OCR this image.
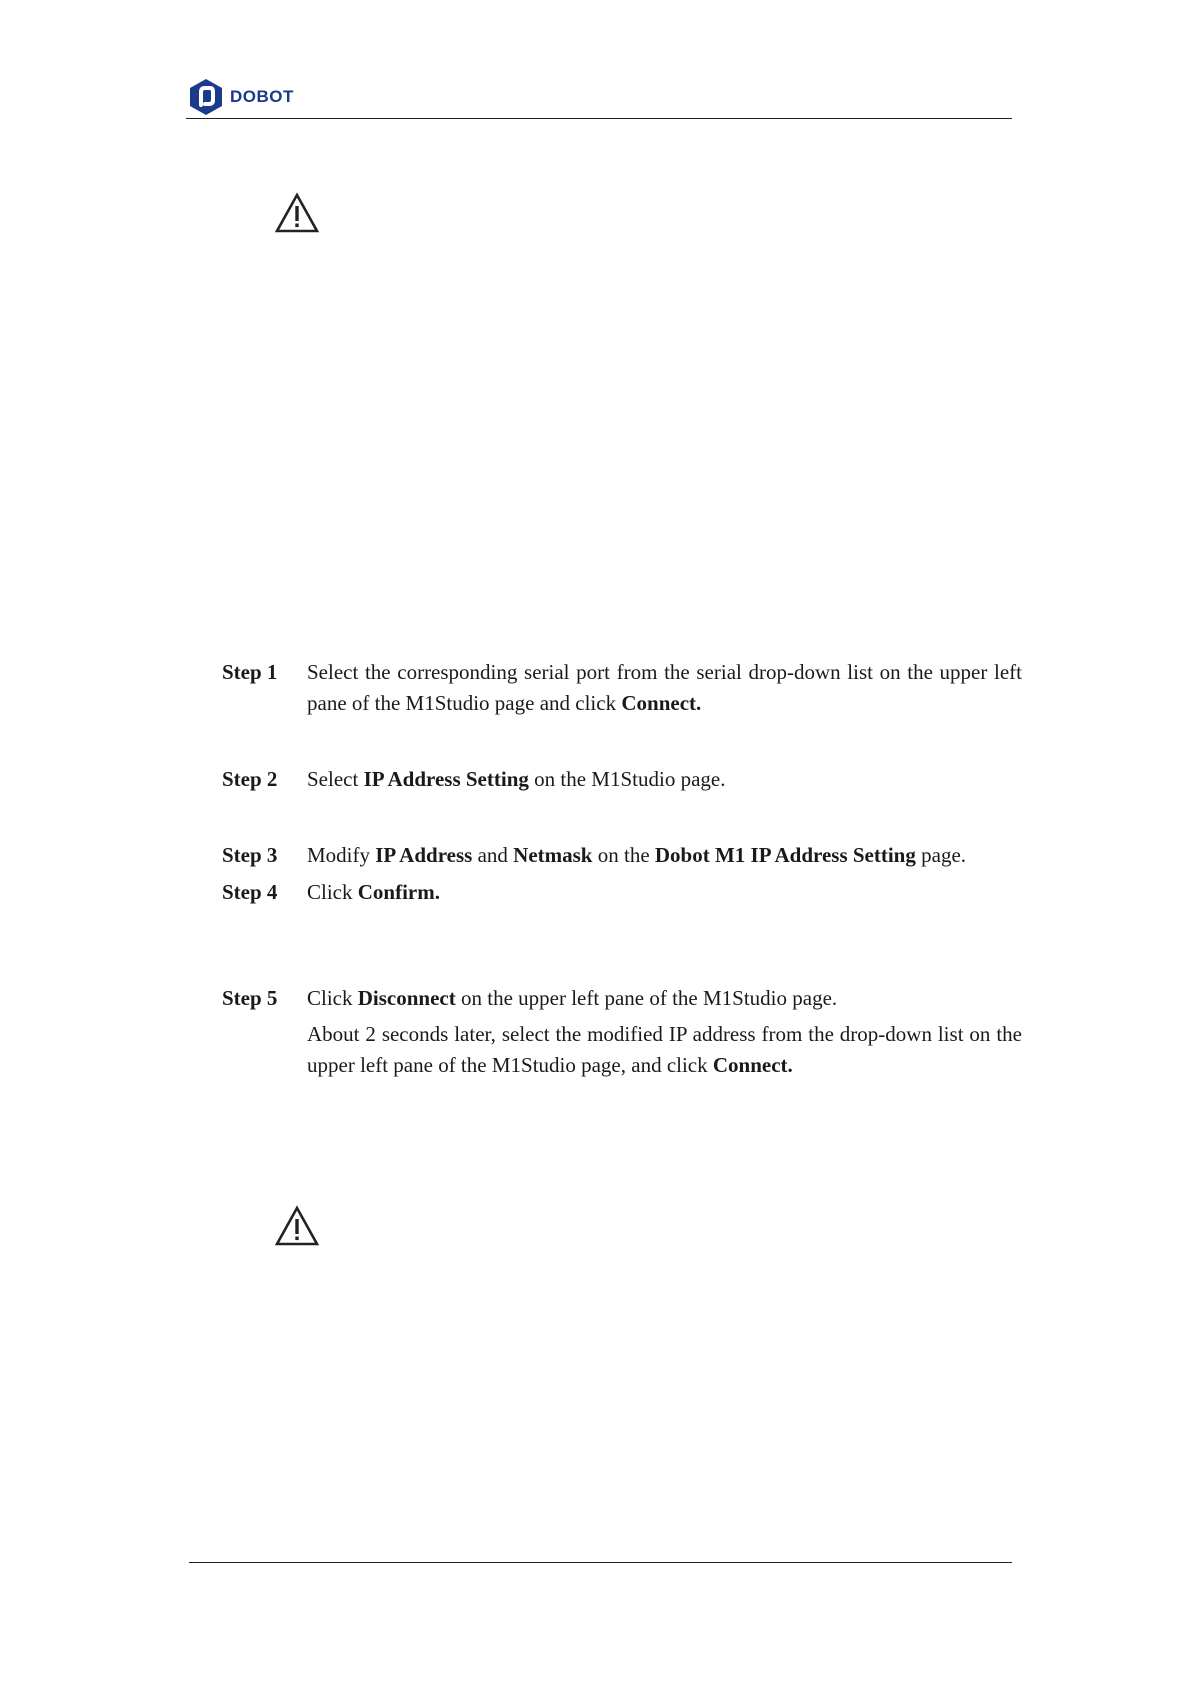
DOBOT
Step 1	Select the corresponding serial port from the serial drop-down list on the upper left pane of the M1Studio page and click Connect.

Step 2	Select IP Address Setting on the M1Studio page.

Step 3	Modify IP Address and Netmask on the Dobot M1 IP Address Setting page.

Step 4	Click Confirm.

Step 5	Click Disconnect on the upper left pane of the M1Studio page.

About 2 seconds later, select the modified IP address from the drop-down list on the upper left pane of the M1Studio page, and click Connect.
